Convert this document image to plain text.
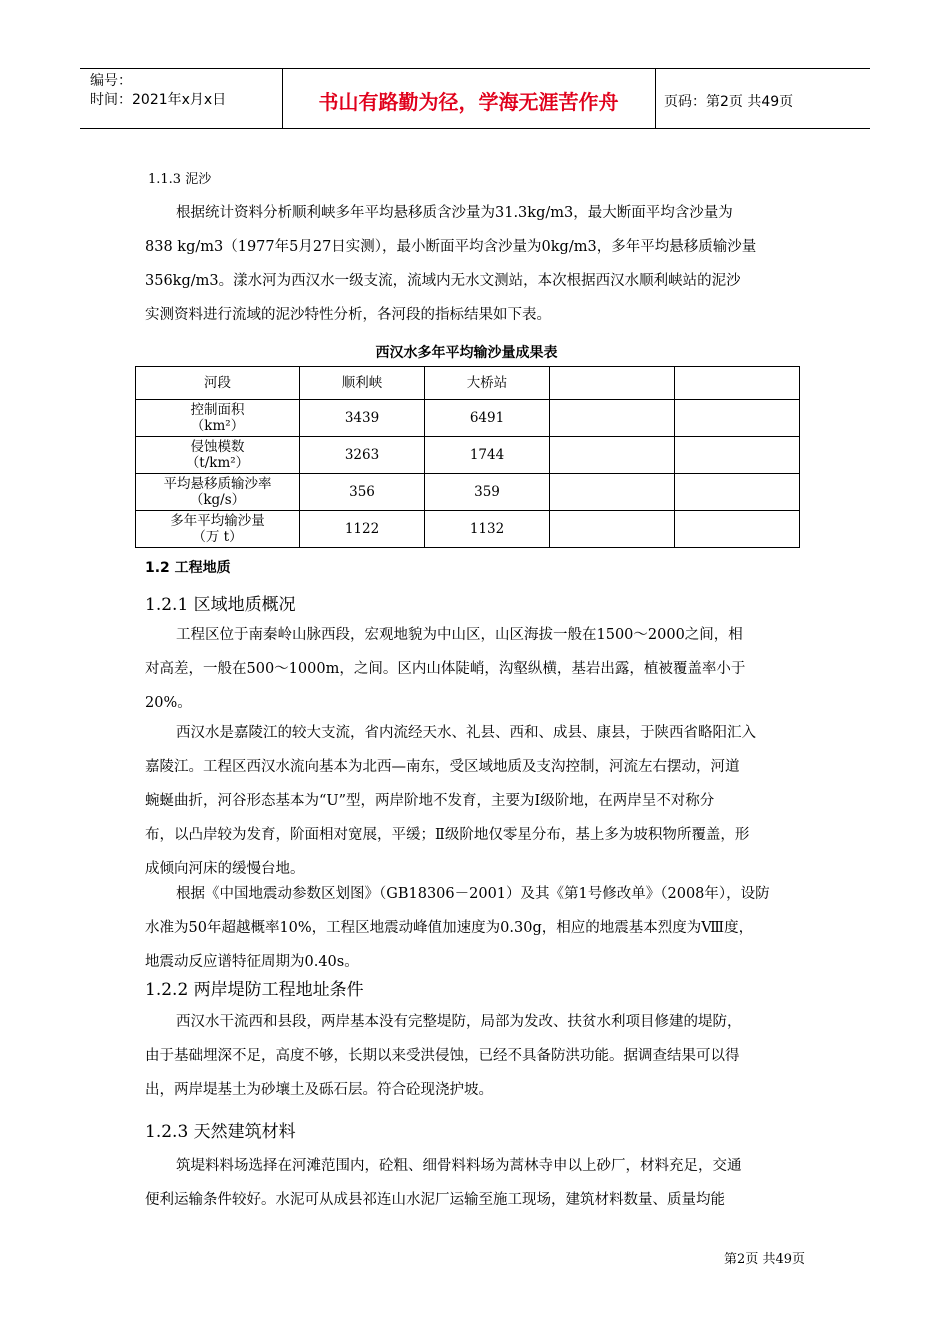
编号：
时间：2021年x月x日	书山有路勤为径，学海无涯苦作舟	页码：第2页 共49页
1.1.3 泥沙
根据统计资料分析顺利峡多年平均悬移质含沙量为31.3kg/m3，最大断面平均含沙量为
838 kg/m3（1977年5月27日实测），最小断面平均含沙量为0kg/m3，多年平均悬移质输沙量
356kg/m3。漾水河为西汉水一级支流，流域内无水文测站，本次根据西汉水顺利峡站的泥沙
实测资料进行流域的泥沙特性分析，各河段的指标结果如下表。
西汉水多年平均输沙量成果表
河段	顺利峡	大桥站		

控制面积
（km²）	3439	6491		

侵蚀模数
（t/km²）	3263	1744		

平均悬移质输沙率
（kg/s）	356	359		

多年平均输沙量
（万 t）	1122	1132		
1.2 工程地质
1.2.1 区域地质概况
工程区位于南秦岭山脉西段，宏观地貌为中山区，山区海拔一般在1500～2000之间，相
对高差，一般在500～1000m，之间。区内山体陡峭，沟壑纵横，基岩出露，植被覆盖率小于
20%。
西汉水是嘉陵江的较大支流，省内流经天水、礼县、西和、成县、康县，于陕西省略阳汇入
嘉陵江。工程区西汉水流向基本为北西—南东，受区域地质及支沟控制，河流左右摆动，河道
蜿蜒曲折，河谷形态基本为“U”型，两岸阶地不发育，主要为Ⅰ级阶地，在两岸呈不对称分
布，以凸岸较为发育，阶面相对宽展，平缓；Ⅱ级阶地仅零星分布，基上多为坡积物所覆盖，形
成倾向河床的缓慢台地。
根据《中国地震动参数区划图》（GB18306－2001）及其《第1号修改单》（2008年），设防
水准为50年超越概率10%，工程区地震动峰值加速度为0.30g，相应的地震基本烈度为Ⅷ度，
地震动反应谱特征周期为0.40s。
1.2.2 两岸堤防工程地址条件
西汉水干流西和县段，两岸基本没有完整堤防，局部为发改、扶贫水利项目修建的堤防，
由于基础埋深不足，高度不够，长期以来受洪侵蚀，已经不具备防洪功能。据调查结果可以得
出，两岸堤基土为砂壤土及砾石层。符合砼现浇护坡。
1.2.3 天然建筑材料
筑堤料料场选择在河滩范围内，砼粗、细骨料料场为蒿林寺申以上砂厂，材料充足，交通
便利运输条件较好。水泥可从成县祁连山水泥厂运输至施工现场，建筑材料数量、质量均能
第2页 共49页
